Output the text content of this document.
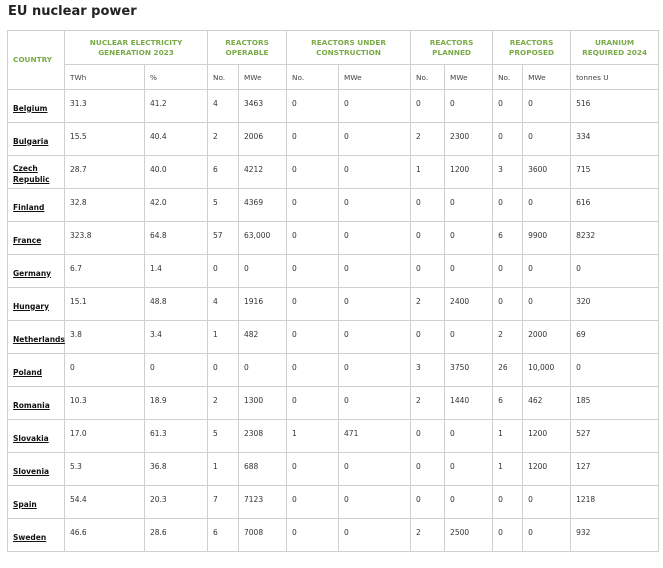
EU nuclear power
COUNTRY	NUCLEAR ELECTRICITY GENERATION 2023		REACTORS OPERABLE		REACTORS UNDER CONSTRUCTION		REACTORS PLANNED		REACTORS PROPOSED		URANIUM REQUIRED 2024
	TWh	%	No.	MWe	No.	MWe	No.	MWe	No.	MWe	tonnes U
Belgium	31.3	41.2	4	3463	0	0	0	0	0	0	516
Bulgaria	15.5	40.4	2	2006	0	0	2	2300	0	0	334
Czech Republic	28.7	40.0	6	4212	0	0	1	1200	3	3600	715
Finland	32.8	42.0	5	4369	0	0	0	0	0	0	616
France	323.8	64.8	57	63,000	0	0	0	0	6	9900	8232
Germany	6.7	1.4	0	0	0	0	0	0	0	0	0
Hungary	15.1	48.8	4	1916	0	0	2	2400	0	0	320
Netherlands	3.8	3.4	1	482	0	0	0	0	2	2000	69
Poland	0	0	0	0	0	0	3	3750	26	10,000	0
Romania	10.3	18.9	2	1300	0	0	2	1440	6	462	185
Slovakia	17.0	61.3	5	2308	1	471	0	0	1	1200	527
Slovenia	5.3	36.8	1	688	0	0	0	0	1	1200	127
Spain	54.4	20.3	7	7123	0	0	0	0	0	0	1218
Sweden	46.6	28.6	6	7008	0	0	2	2500	0	0	932
